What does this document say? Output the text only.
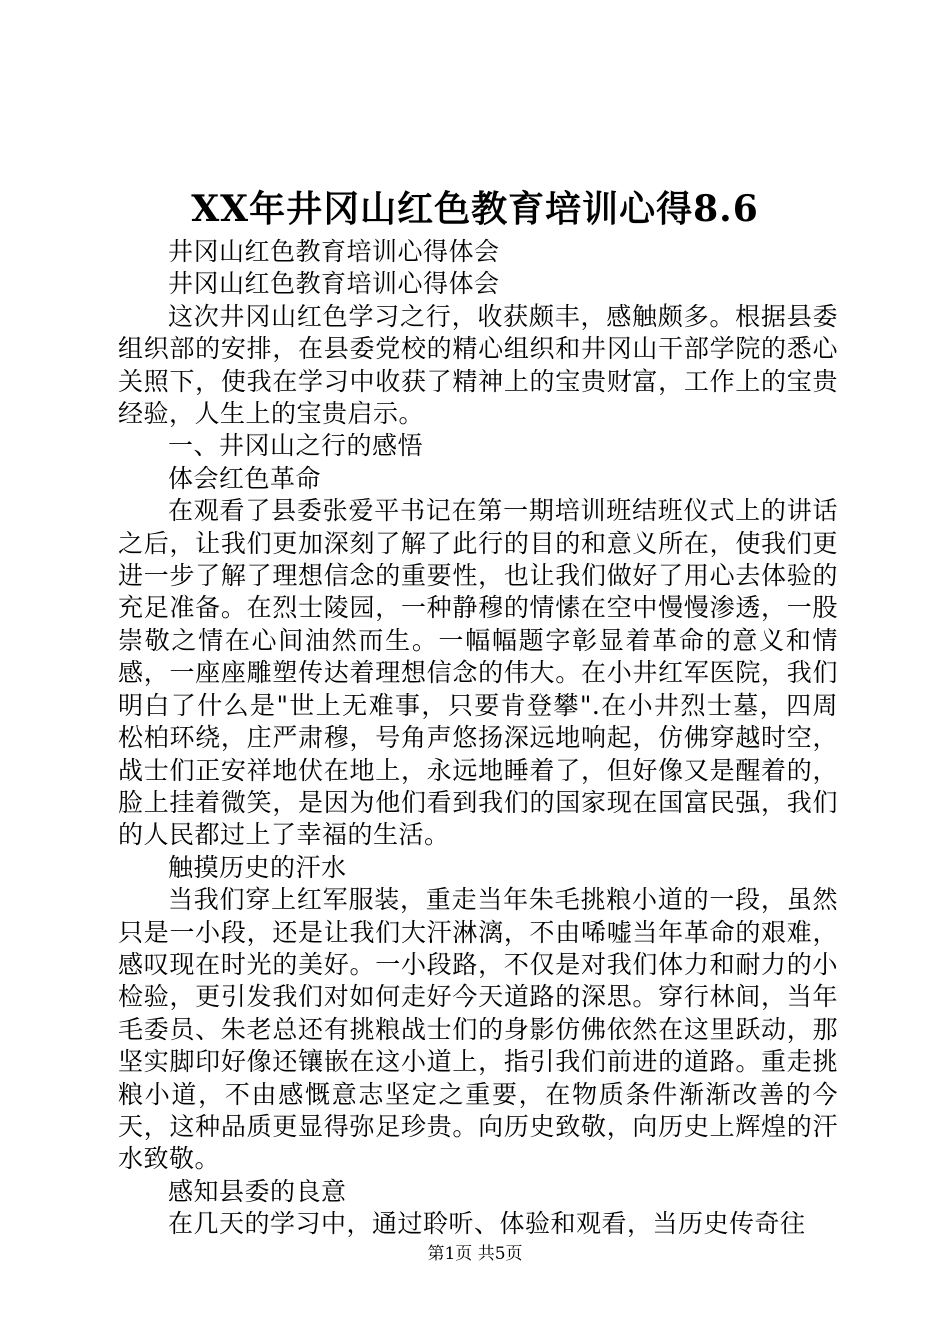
XX年井冈山红色教育培训心得8.6

井冈山红色教育培训心得体会

井冈山红色教育培训心得体会

这次井冈山红色学习之行，收获颇丰，感触颇多。根据县委组织部的安排，在县委党校的精心组织和井冈山干部学院的悉心关照下，使我在学习中收获了精神上的宝贵财富，工作上的宝贵经验，人生上的宝贵启示。

一、井冈山之行的感悟

体会红色革命

在观看了县委张爱平书记在第一期培训班结班仪式上的讲话之后，让我们更加深刻了解了此行的目的和意义所在，使我们更进一步了解了理想信念的重要性，也让我们做好了用心去体验的充足准备。在烈士陵园，一种静穆的情愫在空中慢慢渗透，一股崇敬之情在心间油然而生。一幅幅题字彰显着革命的意义和情感，一座座雕塑传达着理想信念的伟大。在小井红军医院，我们明白了什么是"世上无难事，只要肯登攀".在小井烈士墓，四周松柏环绕，庄严肃穆，号角声悠扬深远地响起，仿佛穿越时空，战士们正安祥地伏在地上，永远地睡着了，但好像又是醒着的，脸上挂着微笑，是因为他们看到我们的国家现在国富民强，我们的人民都过上了幸福的生活。

触摸历史的汗水

当我们穿上红军服装，重走当年朱毛挑粮小道的一段，虽然只是一小段，还是让我们大汗淋漓，不由唏嘘当年革命的艰难，感叹现在时光的美好。一小段路，不仅是对我们体力和耐力的小检验，更引发我们对如何走好今天道路的深思。穿行林间，当年毛委员、朱老总还有挑粮战士们的身影仿佛依然在这里跃动，那坚实脚印好像还镶嵌在这小道上，指引我们前进的道路。重走挑粮小道，不由感慨意志坚定之重要，在物质条件渐渐改善的今天，这种品质更显得弥足珍贵。向历史致敬，向历史上辉煌的汗水致敬。

感知县委的良意

在几天的学习中，通过聆听、体验和观看，当历史传奇往

第1页 共5页
